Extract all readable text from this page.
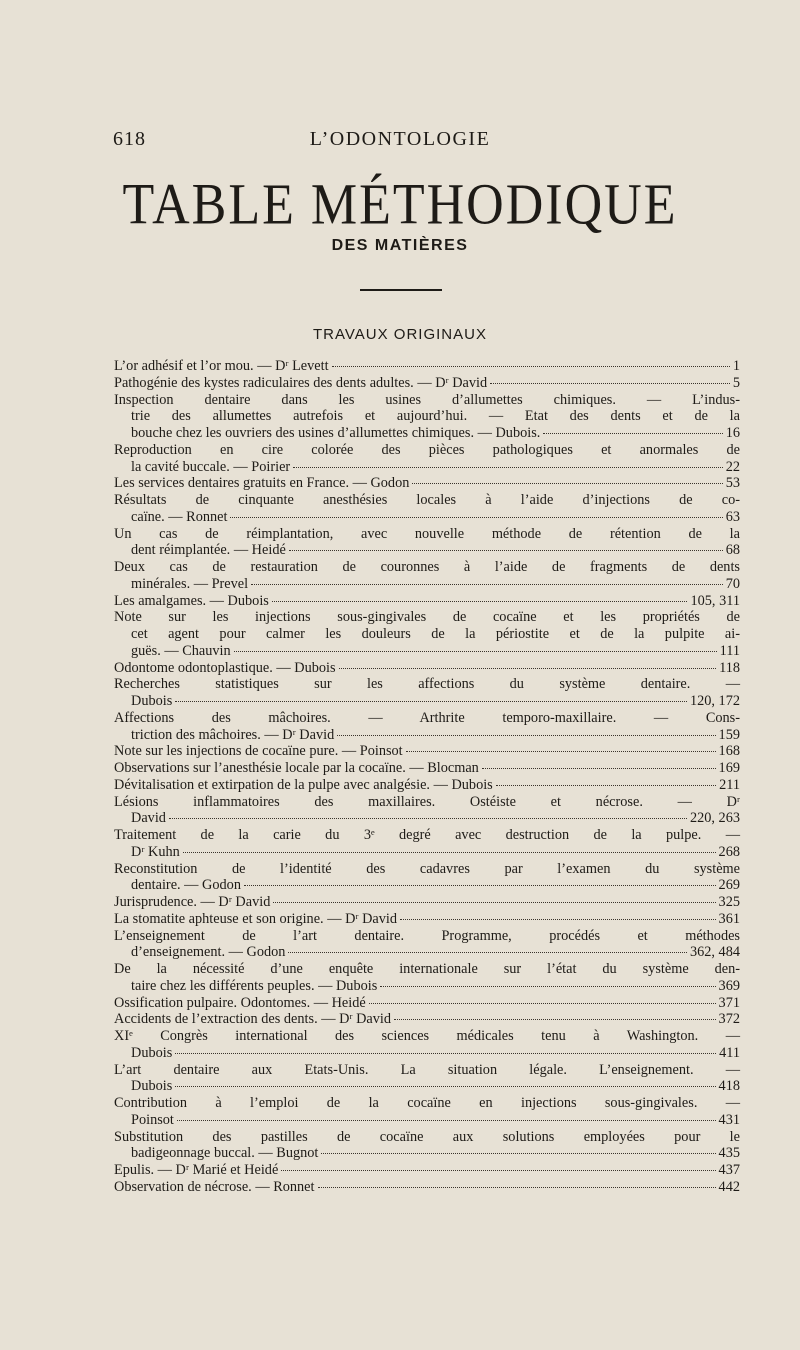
618	L’ODONTOLOGIE
TABLE MÉTHODIQUE
DES MATIÈRES
TRAVAUX ORIGINAUX
L’or adhésif et l’or mou. — Dʳ Levett	1
Pathogénie des kystes radiculaires des dents adultes. — Dʳ David	5
Inspection dentaire dans les usines d’allumettes chimiques. — L’indus-
trie des allumettes autrefois et aujourd’hui. — Etat des dents et de la
bouche chez les ouvriers des usines d’allumettes chimiques. — Dubois.	16
Reproduction en cire colorée des pièces pathologiques et anormales de
la cavité buccale. — Poirier	22
Les services dentaires gratuits en France. — Godon	53
Résultats de cinquante anesthésies locales à l’aide d’injections de co-
caïne. — Ronnet	63
Un cas de réimplantation, avec nouvelle méthode de rétention de la
dent réimplantée. — Heidé	68
Deux cas de restauration de couronnes à l’aide de fragments de dents
minérales. — Prevel	70
Les amalgames. — Dubois	105, 311
Note sur les injections sous-gingivales de cocaïne et les propriétés de
cet agent pour calmer les douleurs de la périostite et de la pulpite ai-
guës. — Chauvin	111
Odontome odontoplastique. — Dubois	118
Recherches statistiques sur les affections du système dentaire. —
Dubois	120, 172
Affections des mâchoires. — Arthrite temporo-maxillaire. — Cons-
triction des mâchoires. — Dʳ David	159
Note sur les injections de cocaïne pure. — Poinsot	168
Observations sur l’anesthésie locale par la cocaïne. — Blocman	169
Dévitalisation et extirpation de la pulpe avec analgésie. — Dubois	211
Lésions inflammatoires des maxillaires. Ostéiste et nécrose. — Dʳ
David	220, 263
Traitement de la carie du 3ᵉ degré avec destruction de la pulpe. —
Dʳ Kuhn	268
Reconstitution de l’identité des cadavres par l’examen du système
dentaire. — Godon	269
Jurisprudence. — Dʳ David	325
La stomatite aphteuse et son origine. — Dʳ David	361
L’enseignement de l’art dentaire. Programme, procédés et méthodes
d’enseignement. — Godon	362, 484
De la nécessité d’une enquête internationale sur l’état du système den-
taire chez les différents peuples. — Dubois	369
Ossification pulpaire. Odontomes. — Heidé	371
Accidents de l’extraction des dents. — Dʳ David	372
XIᵉ Congrès international des sciences médicales tenu à Washington. —
Dubois	411
L’art dentaire aux Etats-Unis. La situation légale. L’enseignement. —
Dubois	418
Contribution à l’emploi de la cocaïne en injections sous-gingivales. —
Poinsot	431
Substitution des pastilles de cocaïne aux solutions employées pour le
badigeonnage buccal. — Bugnot	435
Epulis. — Dʳ Marié et Heidé	437
Observation de nécrose. — Ronnet	442
